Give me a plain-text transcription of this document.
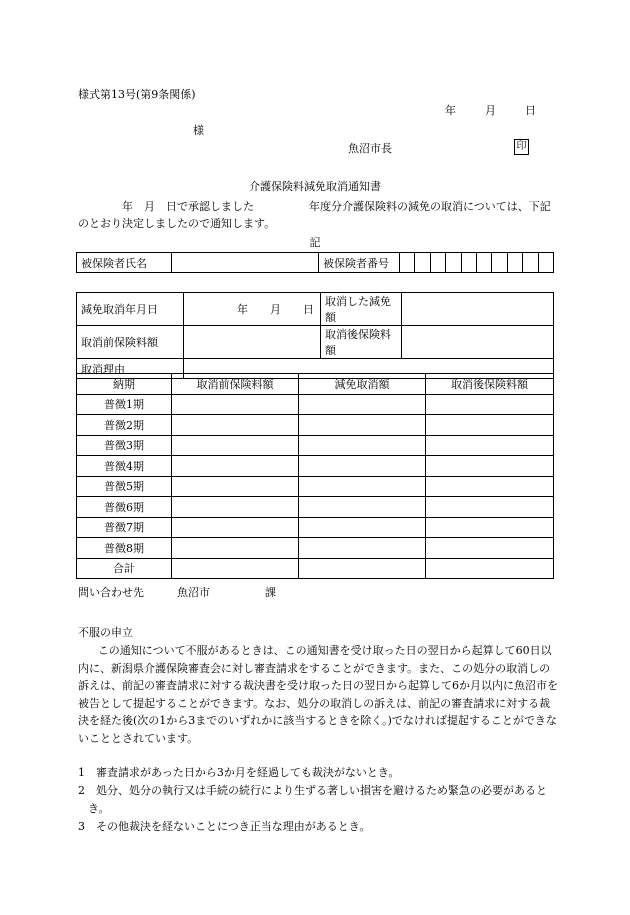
様式第13号(第9条関係)
年	月	日
様
魚沼市長	印
介護保険料減免取消通知書
　　　　年　月　日で承認しました　　　　　年度分介護保険料の減免の取消については、下記のとおり決定しましたので通知します。
記
被保険者氏名		被保険者番号										
減免取消年月日	年　　月　　日	取消した減免額	
取消前保険料額		取消後保険料額	
取消理由			
納期	取消前保険料額	減免取消額	取消後保険料額
普徴1期			
普徴2期			
普徴3期			
普徴4期			
普徴5期			
普徴6期			
普徴7期			
普徴8期			
合計			
問い合わせ先　　　魚沼市　　　　　課
不服の申立
この通知について不服があるときは、この通知書を受け取った日の翌日から起算して60日以内に、新潟県介護保険審査会に対し審査請求をすることができます。また、この処分の取消しの訴えは、前記の審査請求に対する裁決書を受け取った日の翌日から起算して6か月以内に魚沼市を被告として提起することができます。なお、処分の取消しの訴えは、前記の審査請求に対する裁決を経た後(次の1から3までのいずれかに該当するときを除く。)でなければ提起することができないこととされています。
1　審査請求があった日から3か月を経過しても裁決がないとき。
2　処分、処分の執行又は手続の続行により生ずる著しい損害を避けるため緊急の必要があるとき。
3　その他裁決を経ないことにつき正当な理由があるとき。
